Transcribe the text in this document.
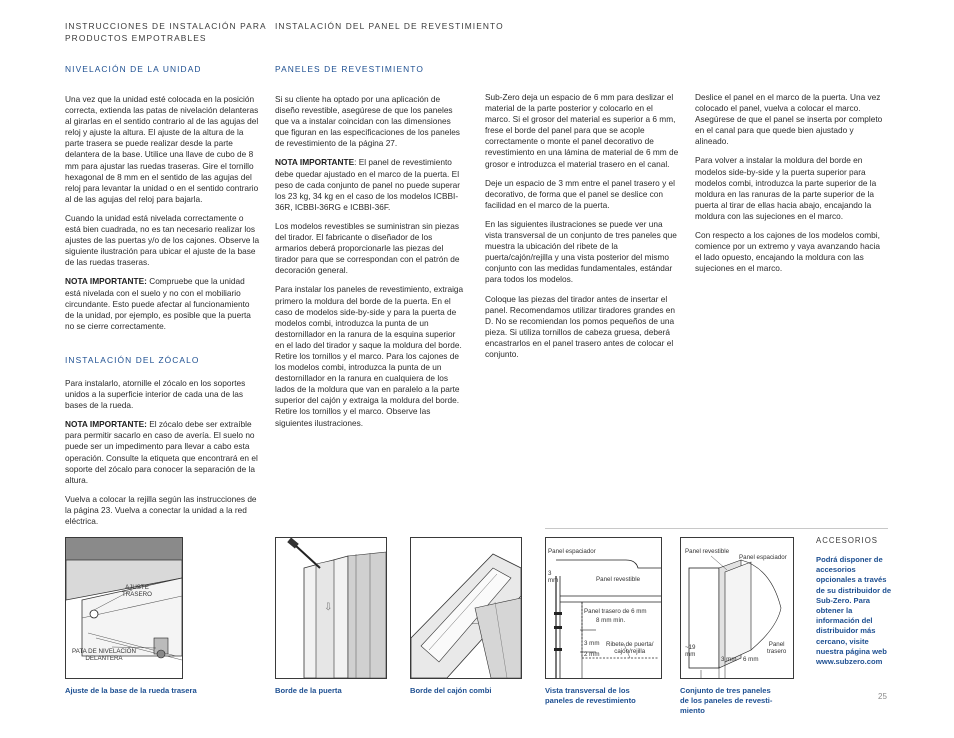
INSTRUCCIONES DE INSTALACIÓN PARA
PRODUCTOS EMPOTRABLES
INSTALACIÓN DEL PANEL DE REVESTIMIENTO
NIVELACIÓN DE LA UNIDAD	PANELES DE REVESTIMIENTO

Una vez que la unidad esté colocada en la posición correcta, extienda las patas de nivelación delanteras al girarlas en el sentido contrario al de las agujas del reloj y ajuste la altura. El ajuste de la altura de la parte trasera se puede realizar desde la parte delantera de la base. Utilice una llave de cubo de 8 mm para ajustar las ruedas traseras. Gire el tornillo hexagonal de 8 mm en el sentido de las agujas del reloj para levantar la unidad o en el sentido contrario al de las agujas del reloj para bajarla.

Cuando la unidad está nivelada correctamente o está bien cuadrada, no es tan necesario realizar los ajustes de las puertas y/o de los cajones. Observe la siguiente ilustración para ubicar el ajuste de la base de las ruedas traseras.

NOTA IMPORTANTE: Compruebe que la unidad está nivelada con el suelo y no con el mobiliario circundante. Esto puede afectar al funcionamiento de la unidad, por ejemplo, es posible que la puerta no se cierre correctamente.

INSTALACIÓN DEL ZÓCALO

Para instalarlo, atornille el zócalo en los soportes unidos a la superficie interior de cada una de las bases de la rueda.

NOTA IMPORTANTE: El zócalo debe ser extraíble para permitir sacarlo en caso de avería. El suelo no puede ser un impedimento para llevar a cabo esta operación. Consulte la etiqueta que encontrará en el soporte del zócalo para conocer la separación de la altura.

Vuelva a colocar la rejilla según las instrucciones de la página 23. Vuelva a conectar la unidad a la red eléctrica.

Si su cliente ha optado por una aplicación de diseño revestible, asegúrese de que los paneles que va a instalar coincidan con las dimensiones que figuran en las especificaciones de los paneles de revestimiento de la página 27.

NOTA IMPORTANTE: El panel de revestimiento debe quedar ajustado en el marco de la puerta. El peso de cada conjunto de panel no puede superar los 23 kg, 34 kg en el caso de los modelos ICBBI-36R, ICBBI-36RG e ICBBI-36F.

Los modelos revestibles se suministran sin piezas del tirador. El fabricante o diseñador de los armarios deberá proporcionarle las piezas del tirador para que se correspondan con el patrón de decoración general.

Para instalar los paneles de revestimiento, extraiga primero la moldura del borde de la puerta. En el caso de modelos side-by-side y para la puerta de modelos combi, introduzca la punta de un destornillador en la ranura de la esquina superior en el lado del tirador y saque la moldura del borde. Retire los tornillos y el marco. Para los cajones de los modelos combi, introduzca la punta de un destornillador en la ranura en cualquiera de los lados de la moldura que van en paralelo a la parte superior del cajón y extraiga la moldura del borde. Retire los tornillos y el marco. Observe las siguientes ilustraciones.

Sub-Zero deja un espacio de 6 mm para deslizar el material de la parte posterior y colocarlo en el marco. Si el grosor del material es superior a 6 mm, frese el borde del panel para que se acople correctamente o monte el panel decorativo de revestimiento en una lámina de material de 6 mm de grosor e introduzca el material trasero en el canal.

Deje un espacio de 3 mm entre el panel trasero y el decorativo, de forma que el panel se deslice con facilidad en el marco de la puerta.

En las siguientes ilustraciones se puede ver una vista transversal de un conjunto de tres paneles que muestra la ubicación del ribete de la puerta/cajón/rejilla y una vista posterior del mismo conjunto con las medidas fundamentales, estándar para todos los modelos.

Coloque las piezas del tirador antes de insertar el panel. Recomendamos utilizar tiradores grandes en D. No se recomiendan los pomos pequeños de una pieza. Si utiliza tornillos de cabeza gruesa, deberá encastrarlos en el panel trasero antes de colocar el conjunto.

Deslice el panel en el marco de la puerta. Una vez colocado el panel, vuelva a colocar el marco. Asegúrese de que el panel se inserta por completo en el canal para que quede bien ajustado y alineado.

Para volver a instalar la moldura del borde en modelos side-by-side y la puerta superior para modelos combi, introduzca la parte superior de la moldura en las ranuras de la parte superior de la puerta al tirar de ellas hacia abajo, encajando la moldura con las sujeciones en el marco.

Con respecto a los cajones de los modelos combi, comience por un extremo y vaya avanzando hacia el lado opuesto, encajando la moldura con las sujeciones en el marco.

ACCESORIOS
Podrá disponer de accesorios opcionales a través de su distribuidor de Sub-Zero. Para obtener la información del distribuidor más cercano, visite nuestra página web www.subzero.com
AJUSTE
TRASERO
PATA DE NIVELACIÓN
DELANTERA
Ajuste de la base de la rueda trasera
⇩
Borde de la puerta	Borde del cajón combi
Panel espaciador
3
mm	Panel revestible
Panel trasero de 6 mm
8 mm mín.
3 mm
2 mm
Ribete de puerta/
cajón/rejilla
Vista transversal de los
paneles de revestimiento
Panel revestible
Panel espaciador
~19
mm
3 mm 6 mm
Panel
trasero
Conjunto de tres paneles
de los paneles de revesti-
miento
25
